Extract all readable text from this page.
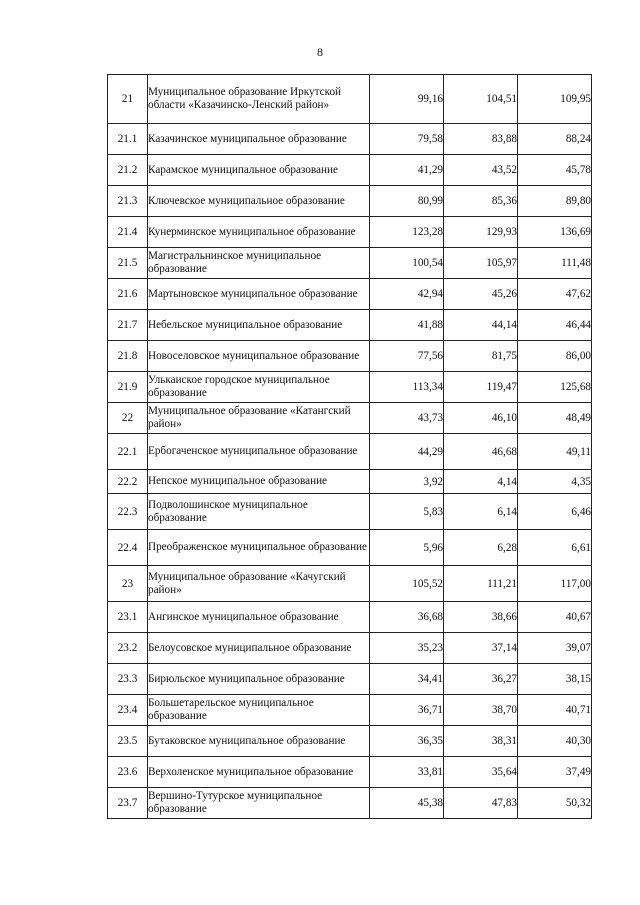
8
21	Муниципальное образование Иркутской области «Казачинско-Ленский район»	99,16	104,51	109,95
21.1	Казачинское муниципальное образование	79,58	83,88	88,24
21.2	Карамское муниципальное образование	41,29	43,52	45,78
21.3	Ключевское муниципальное образование	80,99	85,36	89,80
21.4	Кунерминское муниципальное образование	123,28	129,93	136,69
21.5	Магистральнинское муниципальное образование	100,54	105,97	111,48
21.6	Мартыновское муниципальное образование	42,94	45,26	47,62
21.7	Небельское муниципальное образование	41,88	44,14	46,44
21.8	Новоселовское муниципальное образование	77,56	81,75	86,00
21.9	Улькаиское городское муниципальное образование	113,34	119,47	125,68
22	Муниципальное образование «Катангский район»	43,73	46,10	48,49
22.1	Ербогаченское муниципальное образование	44,29	46,68	49,11
22.2	Непское муниципальное образование	3,92	4,14	4,35
22.3	Подволошинское муниципальное образование	5,83	6,14	6,46
22.4	Преображенское муниципальное образование	5,96	6,28	6,61
23	Муниципальное образование «Качугский район»	105,52	111,21	117,00
23.1	Ангинское муниципальное образование	36,68	38,66	40,67
23.2	Белоусовское муниципальное образование	35,23	37,14	39,07
23.3	Бирюльское муниципальное образование	34,41	36,27	38,15
23.4	Большетарельское муниципальное образование	36,71	38,70	40,71
23.5	Бутаковское муниципальное образование	36,35	38,31	40,30
23.6	Верхоленское муниципальное образование	33,81	35,64	37,49
23.7	Вершино-Тутурское муниципальное образование	45,38	47,83	50,32
